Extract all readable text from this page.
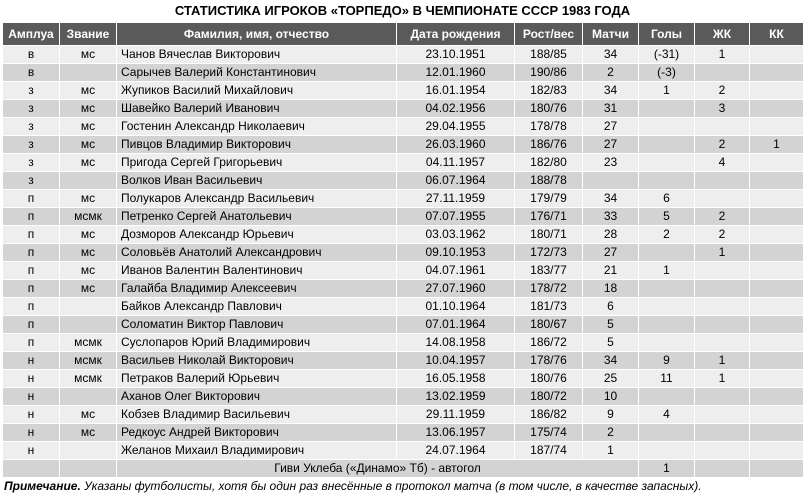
СТАТИСТИКА ИГРОКОВ «ТОРПЕДО» В ЧЕМПИОНАТЕ СССР 1983 ГОДА
Амплуа	Звание	Фамилия, имя, отчество	Дата рождения	Рост/вес	Матчи	Голы	ЖК	КК
в	мс	Чанов Вячеслав Викторович	23.10.1951	188/85	34	(-31)	1	
в		Сарычев Валерий Константинович	12.01.1960	190/86	2	(-3)		
з	мс	Жупиков Василий Михайлович	16.01.1954	182/83	34	1	2	
з	мс	Шавейко Валерий Иванович	04.02.1956	180/76	31		3	
з	мс	Гостенин Александр Николаевич	29.04.1955	178/78	27			
з	мс	Пивцов Владимир Викторович	26.03.1960	186/76	27		2	1
з	мс	Пригода Сергей Григорьевич	04.11.1957	182/80	23		4	
з		Волков Иван Васильевич	06.07.1964	188/78				
п	мс	Полукаров Александр Васильевич	27.11.1959	179/79	34	6		
п	мсмк	Петренко Сергей Анатольевич	07.07.1955	176/71	33	5	2	
п	мс	Дозморов Александр Юрьевич	03.03.1962	180/71	28	2	2	
п	мс	Соловьёв Анатолий Александрович	09.10.1953	172/73	27		1	
п	мс	Иванов Валентин Валентинович	04.07.1961	183/77	21	1		
п	мс	Галайба Владимир Алексеевич	27.07.1960	178/72	18			
п		Байков Александр Павлович	01.10.1964	181/73	6			
п		Соломатин Виктор Павлович	07.01.1964	180/67	5			
п	мсмк	Суслопаров Юрий Владимирович	14.08.1958	186/72	5			
н	мсмк	Васильев Николай Викторович	10.04.1957	178/76	34	9	1	
н	мсмк	Петраков Валерий Юрьевич	16.05.1958	180/76	25	11	1	
н		Аханов Олег Викторович	13.02.1959	180/72	10			
н	мс	Кобзев Владимир Васильевич	29.11.1959	186/82	9	4		
н	мс	Редкоус Андрей Викторович	13.06.1957	175/74	2			
н		Желанов Михаил Владимирович	24.07.1964	187/74	1			
		Гиви Уклеба («Динамо» Тб) - автогол				1		
Примечание. Указаны футболисты, хотя бы один раз внесённые в протокол матча (в том числе, в качестве запасных).
